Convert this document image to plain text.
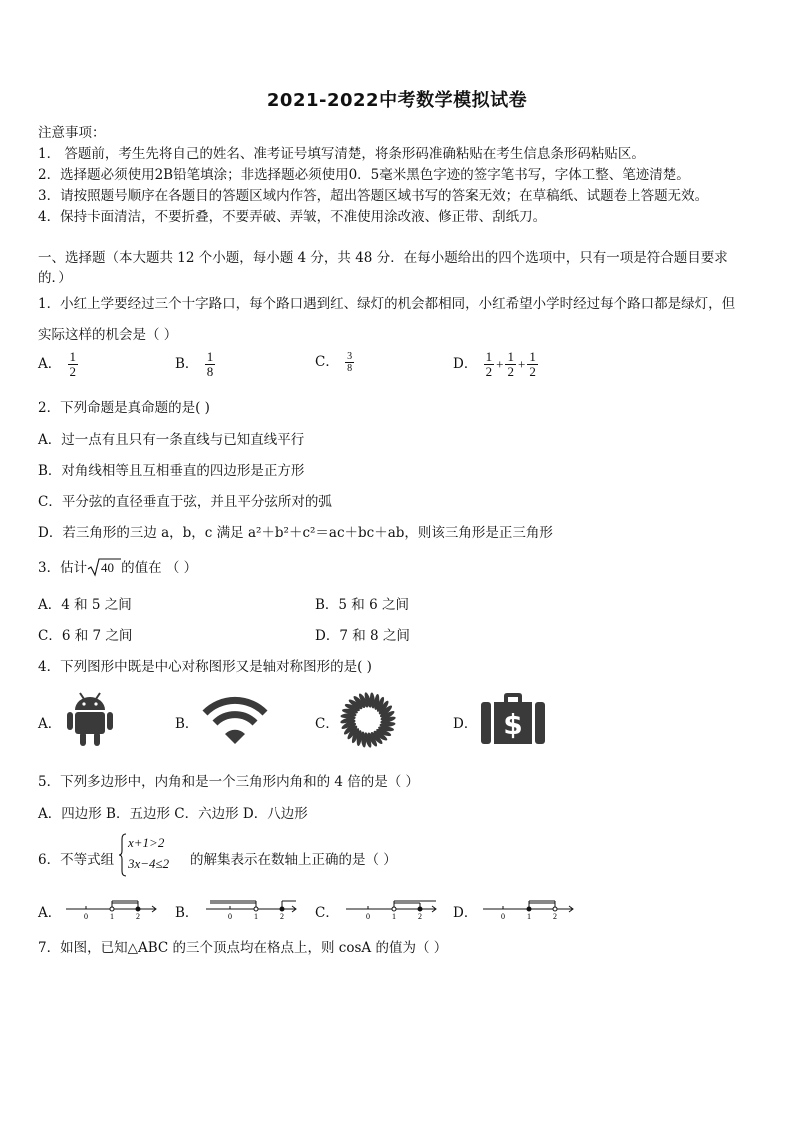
2021-2022中考数学模拟试卷
注意事项：
1． 答题前，考生先将自己的姓名、准考证号填写清楚，将条形码准确粘贴在考生信息条形码粘贴区。
2．选择题必须使用2B铅笔填涂；非选择题必须使用0．5毫米黑色字迹的签字笔书写，字体工整、笔迹清楚。
3．请按照题号顺序在各题目的答题区域内作答，超出答题区域书写的答案无效；在草稿纸、试题卷上答题无效。
4．保持卡面清洁，不要折叠，不要弄破、弄皱，不准使用涂改液、修正带、刮纸刀。
一、选择题（本大题共 12 个小题，每小题 4 分，共 48 分．在每小题给出的四个选项中，只有一项是符合题目要求
的．）
1．小红上学要经过三个十字路口，每个路口遇到红、绿灯的机会都相同，小红希望小学时经过每个路口都是绿灯，但
实际这样的机会是（ ）
A． $\frac{1}{2}$	B． $\frac{1}{8}$	C． $\frac{3}{8}$	D． $\frac{1}{2} + \frac{1}{2} + \frac{1}{2}$
2．下列命题是真命题的是( )
A．过一点有且只有一条直线与已知直线平行
B．对角线相等且互相垂直的四边形是正方形
C．平分弦的直径垂直于弦，并且平分弦所对的弧
D．若三角形的三边 a，b，c 满足 a²＋b²＋c²＝ac＋bc＋ab，则该三角形是正三角形
3．估计 40 的值在 （ ）
A．4 和 5 之间	B．5 和 6 之间
C．6 和 7 之间	D．7 和 8 之间
4．下列图形中既是中心对称图形又是轴对称图形的是( )
A．	B．	C．	D． $
5．下列多边形中，内角和是一个三角形内角和的 4 倍的是（ ）
A．四边形 B．五边形 C．六边形 D．八边形
6．不等式组
x+1>2
3x−4≤2 的解集表示在数轴上正确的是（ ）
A．	0	1	2	B．	0	1	2 C．	0	1	2 D．	0	1	2
7．如图，已知△ABC 的三个顶点均在格点上，则 cosA 的值为（ ）
